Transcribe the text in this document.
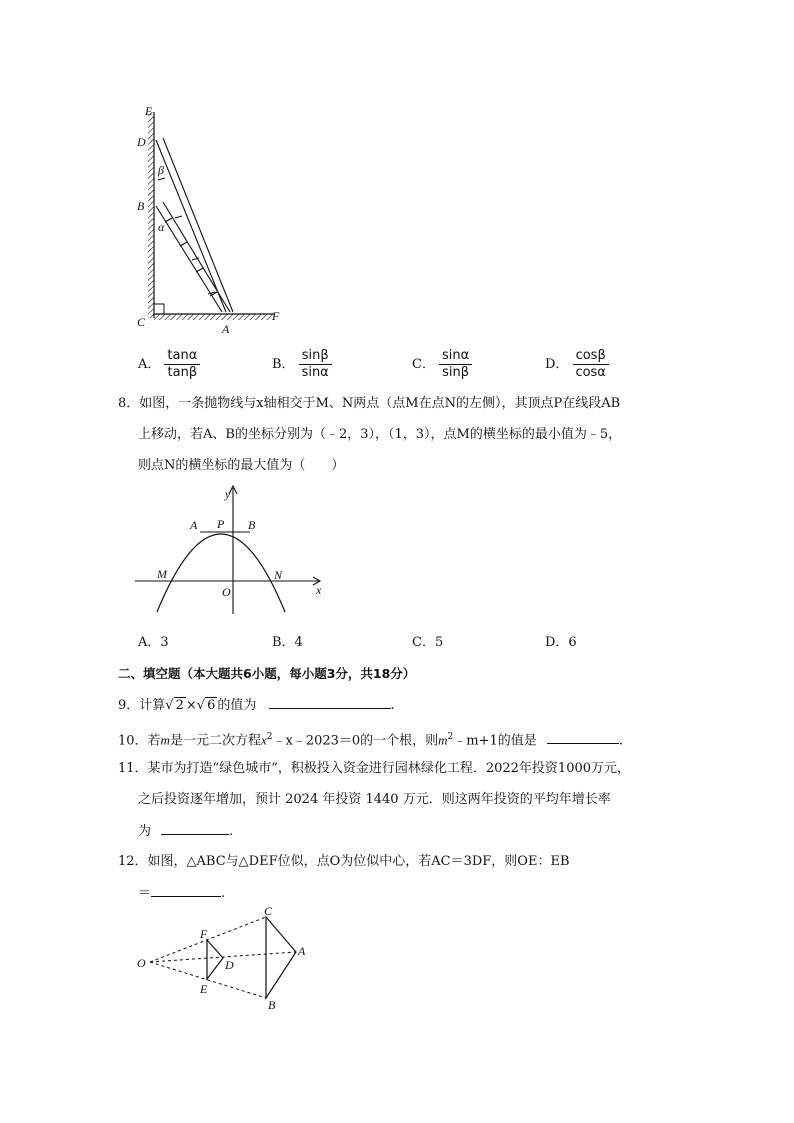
E
D
β
B
α
C	A
F
A． $\frac{\tan\alpha}{\tan\beta}$	B． $\frac{\sin\beta}{\sin\alpha}$	C． $\frac{\sin\alpha}{\sin\beta}$	D． $\frac{\cos\beta}{\cos\alpha}$
8．如图，一条抛物线与x轴相交于M、N两点（点M在点N的左侧），其顶点P在线段AB
上移动，若A、B的坐标分别为（﹣2，3），（1，3），点M的横坐标的最小值为﹣5，
则点N的横坐标的最大值为（　　）
y
x
A P B
M	N
O
A．3	B．4	C．5	D．6
二、填空题（本大题共6小题，每小题3分，共18分）
9．计算√ 2 ×√ 6 的值为	.
10．若m是一元二次方程$x^2﹣x﹣2023=0$的一个根，则$m^2﹣m+1$的值是	.
11．某市为打造“绿色城市”，积极投入资金进行园林绿化工程．2022年投资1000万元，
之后投资逐年增加，预计 2024 年投资 1440 万元．则这两年投资的平均年增长率
为	.
12．如图，△ABC与△DEF位似，点O为位似中心，若AC＝3DF，则OE：EB
＝	.
O
F
D
E
C
A
B
